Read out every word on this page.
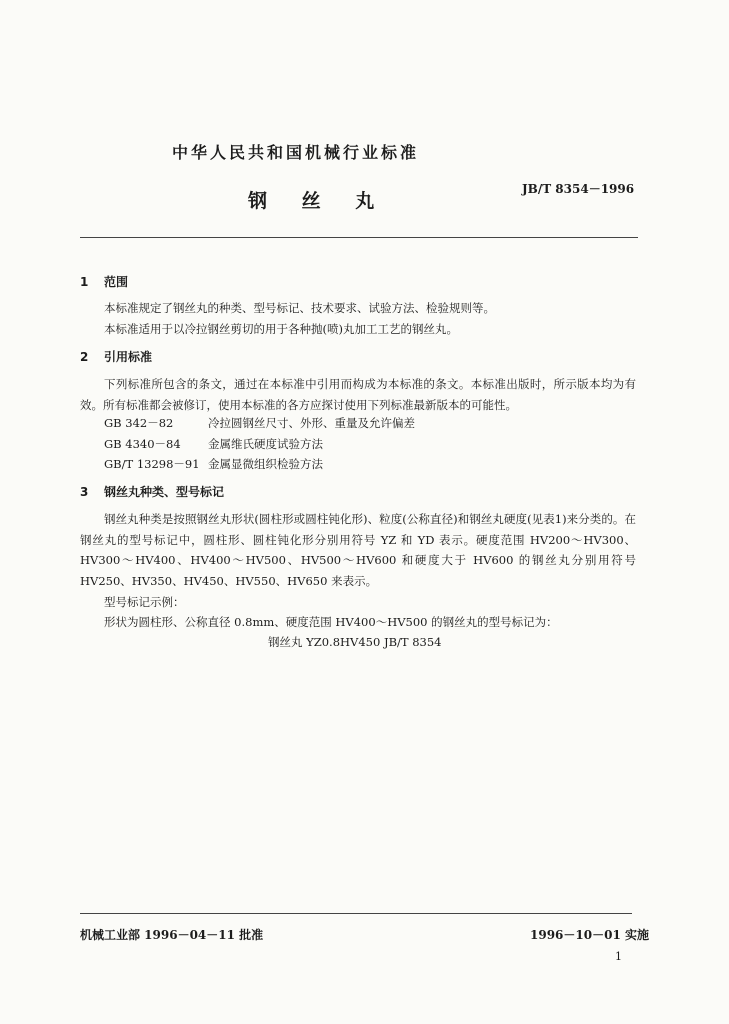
中华人民共和国机械行业标准
钢 丝 丸
JB/T 8354－1996
1 范围
本标准规定了钢丝丸的种类、型号标记、技术要求、试验方法、检验规则等。
本标准适用于以冷拉钢丝剪切的用于各种抛(喷)丸加工工艺的钢丝丸。
2 引用标准
下列标准所包含的条文，通过在本标准中引用而构成为本标准的条文。本标准出版时，所示版本均为有效。所有标准都会被修订，使用本标准的各方应探讨使用下列标准最新版本的可能性。
GB 342－82	冷拉圆钢丝尺寸、外形、重量及允许偏差
GB 4340－84 金属维氏硬度试验方法
GB/T 13298－91 金属显微组织检验方法
3 钢丝丸种类、型号标记
钢丝丸种类是按照钢丝丸形状(圆柱形或圆柱钝化形)、粒度(公称直径)和钢丝丸硬度(见表1)来分类的。在钢丝丸的型号标记中，圆柱形、圆柱钝化形分别用符号 YZ 和 YD 表示。硬度范围 HV200～HV300、HV300～HV400、HV400～HV500、HV500～HV600 和硬度大于 HV600 的钢丝丸分别用符号 HV250、HV350、HV450、HV550、HV650 来表示。
型号标记示例：
形状为圆柱形、公称直径 0.8mm、硬度范围 HV400～HV500 的钢丝丸的型号标记为：
钢丝丸 YZ0.8HV450 JB/T 8354
机械工业部 1996－04－11 批准	1996－10－01 实施
1
